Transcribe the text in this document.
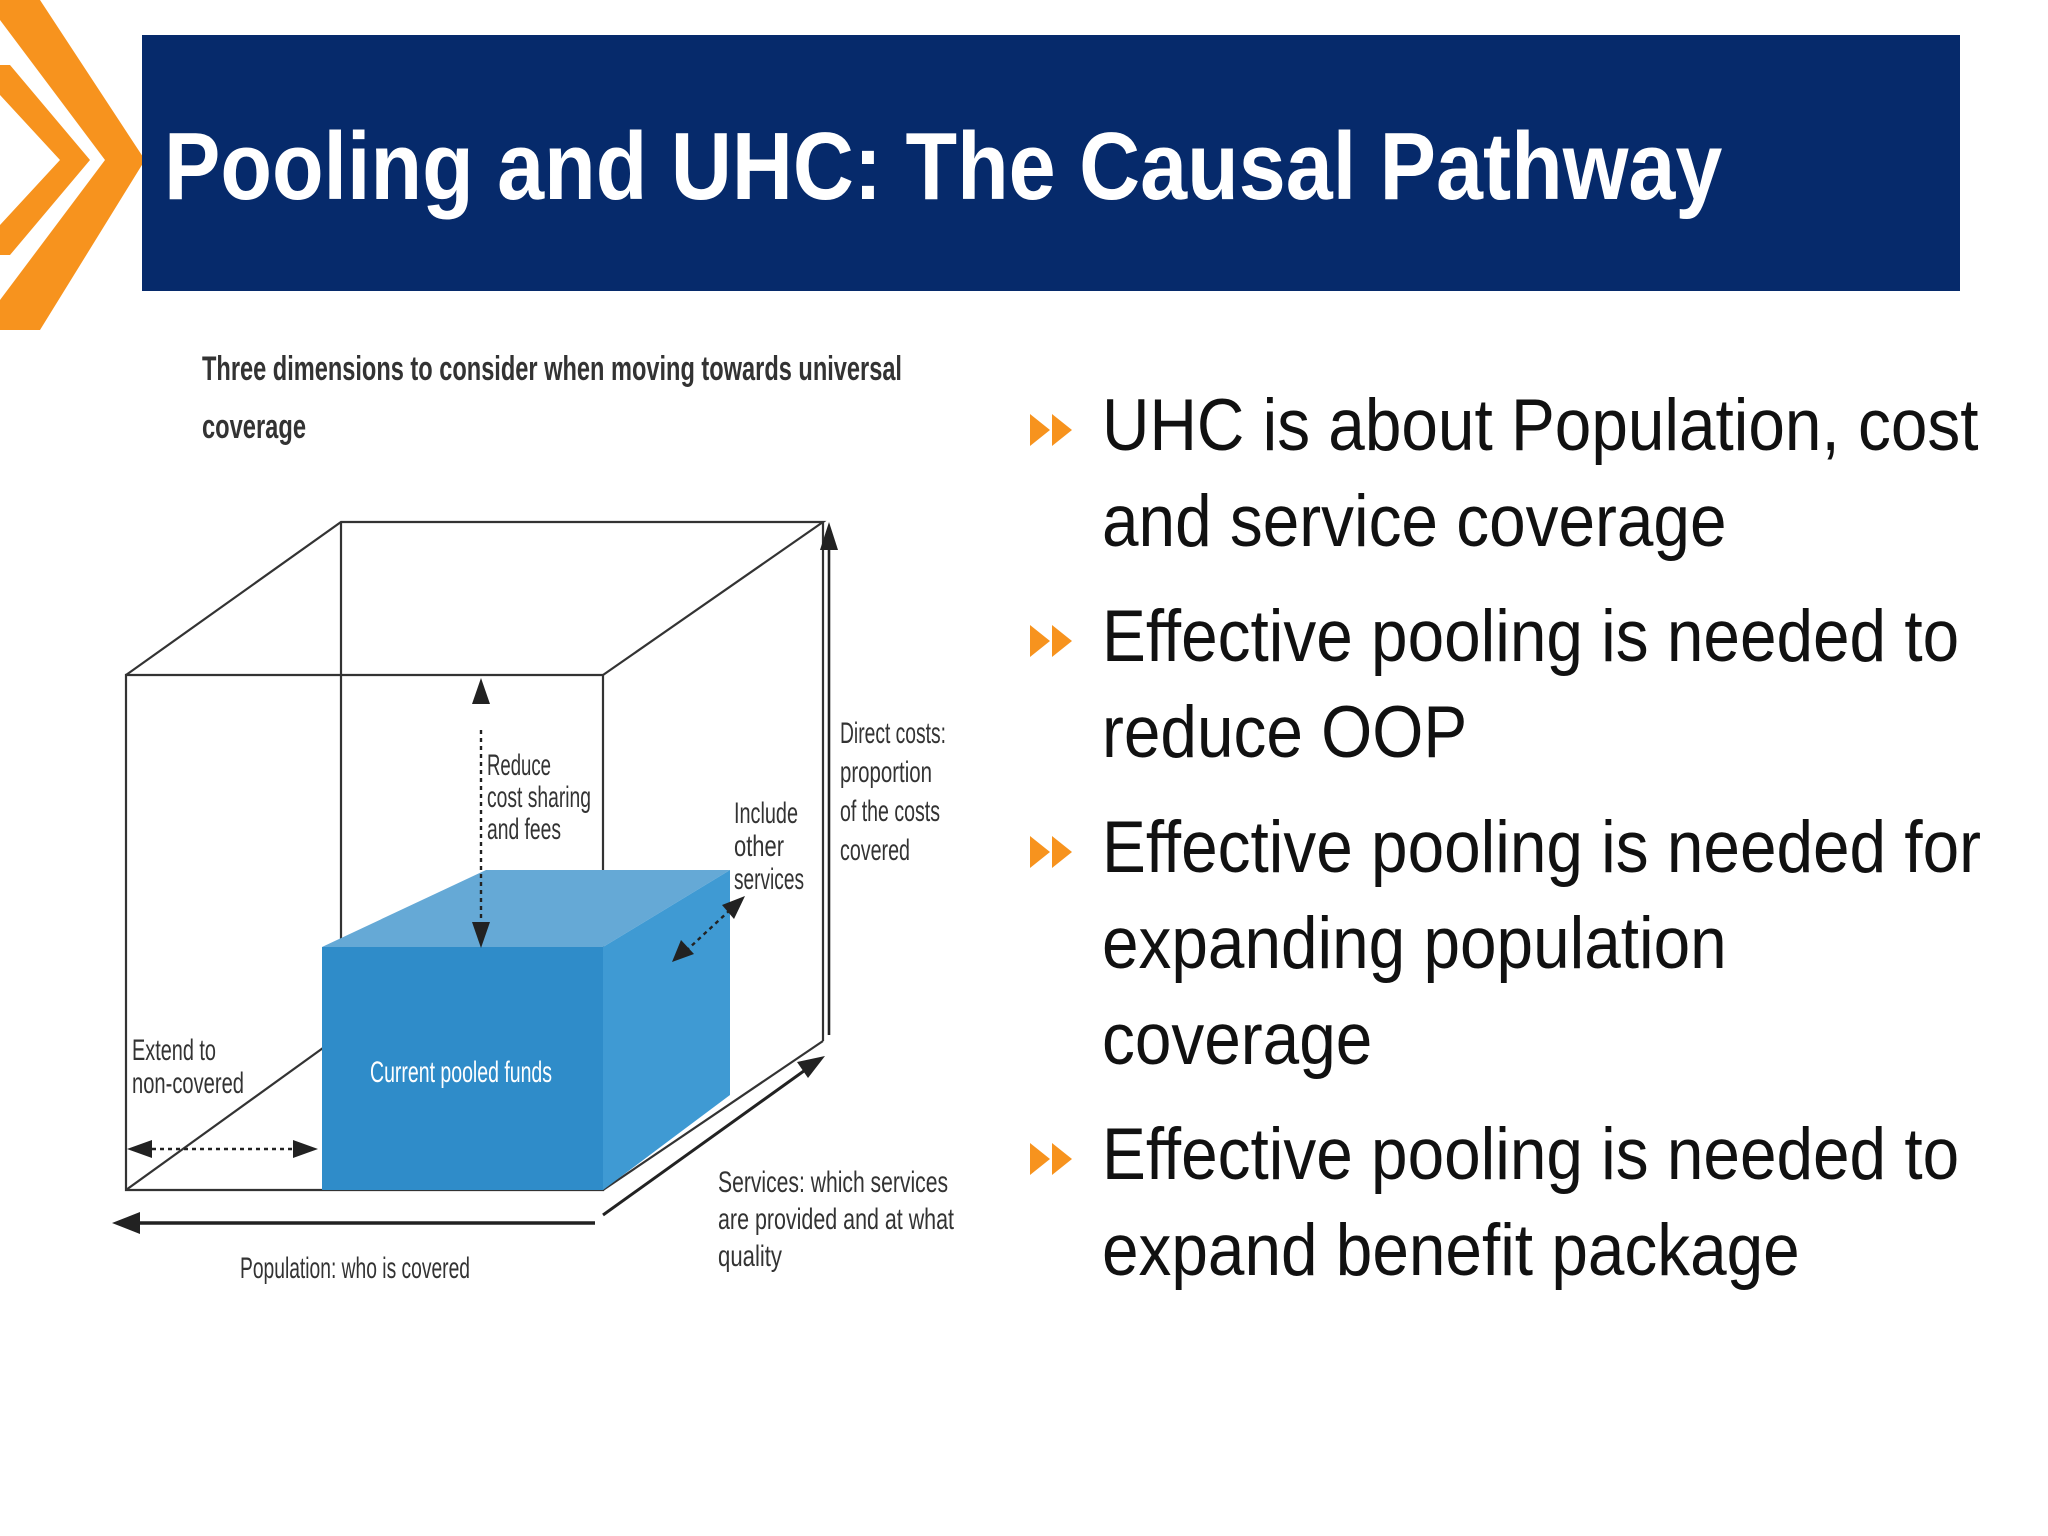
Pooling and UHC: The Causal Pathway
Three dimensions to consider when moving towards universal
coverage
Current pooled funds
Reduce
cost sharing
and fees	Include
other
services
Direct costs:
proportion
of the costs
covered
Extend to
non-covered
Population: who is covered
Services: which services
are provided and at what
quality
UHC is about Population, cost
and service coverage
Effective pooling is needed to
reduce OOP
Effective pooling is needed for
expanding population
coverage
Effective pooling is needed to
expand benefit package
